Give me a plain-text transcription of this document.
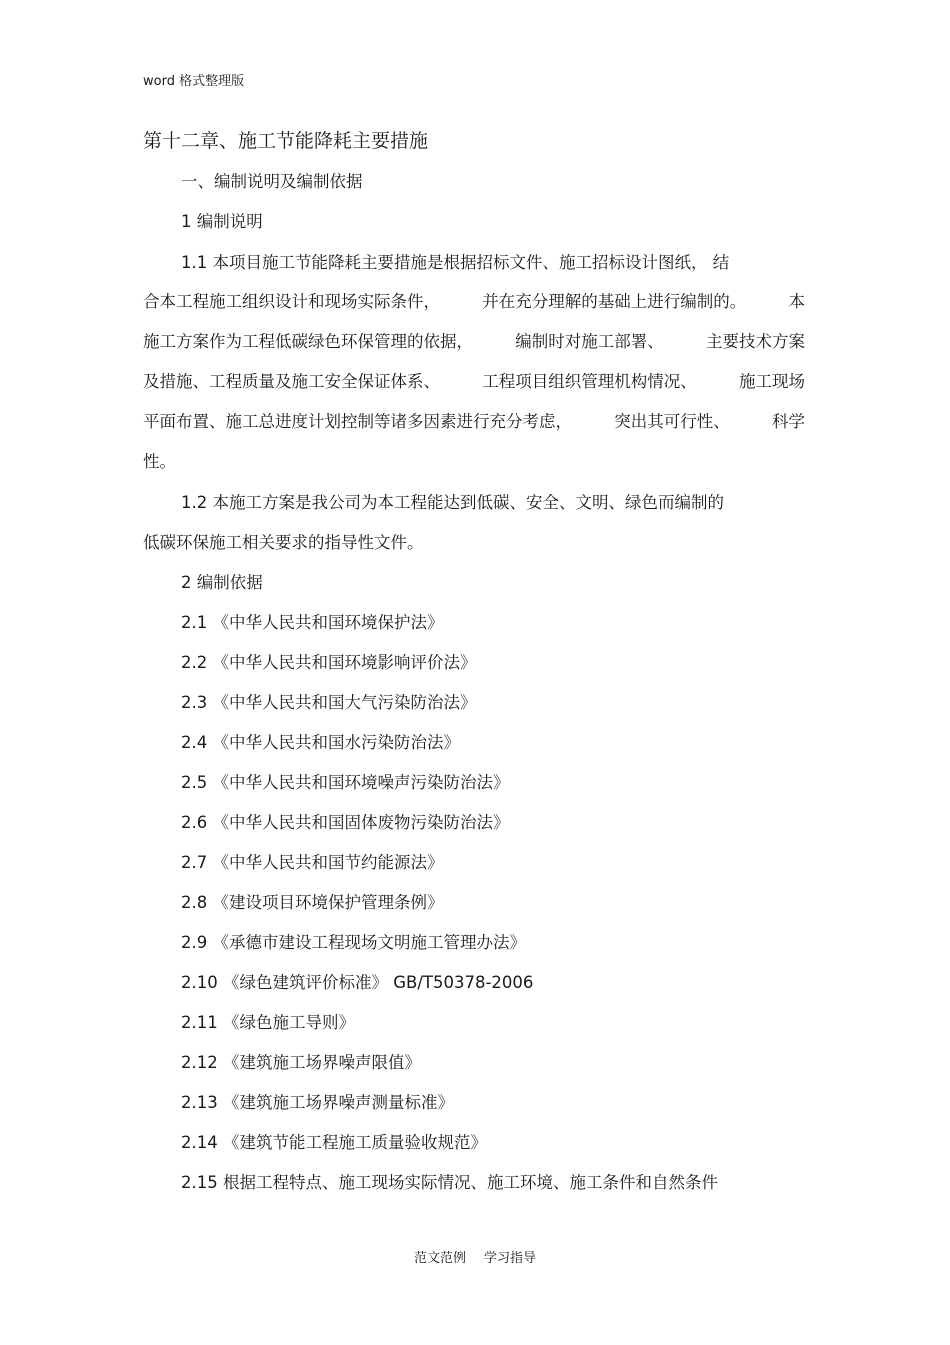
word 格式整理版
第十二章、施工节能降耗主要措施
一、编制说明及编制依据
1 编制说明
1.1 本项目施工节能降耗主要措施是根据招标文件、施工招标设计图纸， 结
合本工程施工组织设计和现场实际条件，	并在充分理解的基础上进行编制的。	本
施工方案作为工程低碳绿色环保管理的依据，	编制时对施工部署、	主要技术方案
及措施、工程质量及施工安全保证体系、	工程项目组织管理机构情况、	施工现场
平面布置、施工总进度计划控制等诸多因素进行充分考虑，	突出其可行性、	科学
性。
1.2 本施工方案是我公司为本工程能达到低碳、安全、文明、绿色而编制的
低碳环保施工相关要求的指导性文件。
2 编制依据
2.1 《中华人民共和国环境保护法》
2.2 《中华人民共和国环境影响评价法》
2.3 《中华人民共和国大气污染防治法》
2.4 《中华人民共和国水污染防治法》
2.5 《中华人民共和国环境噪声污染防治法》
2.6 《中华人民共和国固体废物污染防治法》
2.7 《中华人民共和国节约能源法》
2.8 《建设项目环境保护管理条例》
2.9 《承德市建设工程现场文明施工管理办法》
2.10 《绿色建筑评价标准》 GB/T50378-2006
2.11 《绿色施工导则》
2.12 《建筑施工场界噪声限值》
2.13 《建筑施工场界噪声测量标准》
2.14 《建筑节能工程施工质量验收规范》
2.15 根据工程特点、施工现场实际情况、施工环境、施工条件和自然条件
范文范例 学习指导
